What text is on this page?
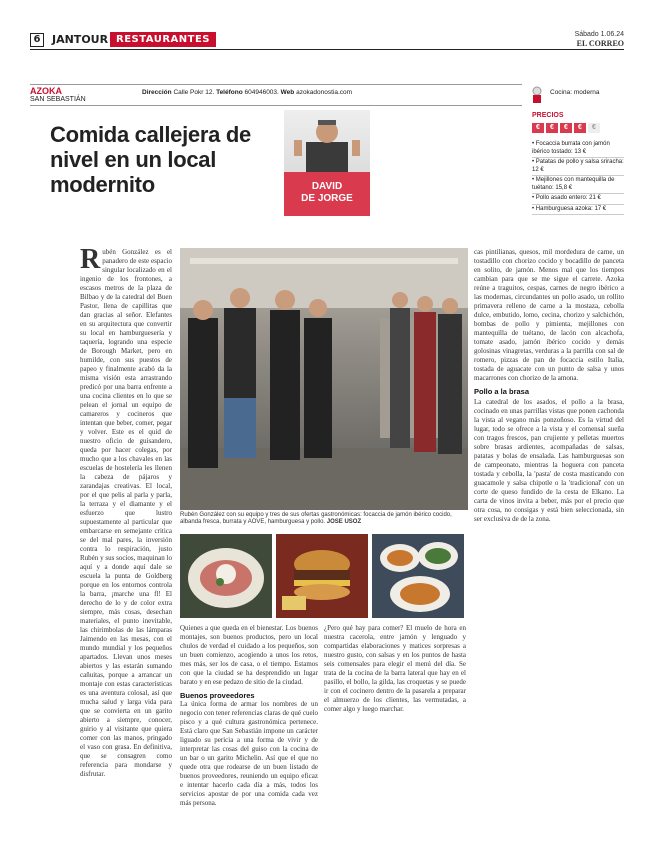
6	JANTOUR RESTAURANTES	Sábado 1.06.24
EL CORREO
AZOKA
SAN SEBASTIÁN
Dirección Calle Pokr 12. Teléfono 604946003. Web azokadonostia.com	Cocina: moderna
Comida callejera de nivel en un local modernito	DAVID
DE JORGE
PRECIOS
€	€	€	€	€
• Focaccia burrata con jamón ibérico tostado: 13 €
• Patatas de pollo y salsa sriracha: 12 €
• Mejillones con mantequilla de tuétano: 15,8 €
• Pollo asado entero: 21 €
• Hamburguesa azoka: 17 €
Rubén González es el panadero de este espacio singular localizado en el ingenio de los frontones, a escasos metros de la plaza de Bilbao y de la catedral del Buen Pastor, llena de capillitas que dan gracias al señor. Elefantes en su arquitectura que convertir su local en hamburguesería y taquería, logrando una especie de Borough Market, pero en humilde, con sus puestos de papeo y finalmente acabó da la misma visión esta arrastrando predicó por una barra enfrente a una cocina clientes en lo que se pelean el jornal un equipo de camareros y cocineros que intentan que beber, comer, pegar y volver. Este es el quid de nuestro oficio de guisandero, queda por hacer colegas, por mucho que a los chavales en las escuelas de hostelería les llenen la cabeza de pájaros y zarandajas creativas. El local, por el que pelis al parla y parla, la terraza y el diamante y el esfuerzo que lustro supuestamente al particular que embarcarse en semejante critica se del mal pares, la inversión contra lo respiración, justo Rubén y sus socios, maquinan lo aquí y a donde aquí dale se escuela la punta de Goldberg porque en los entornos controla la barra, ¡marche una fl! El derecho de lo y de color extra siempre, más cosas, desechan materiales, el punto inevitable, las chirimbolas de las lámparas Jaimendo en las mesas, con el mundo mundial y los pequeños apartados. Llevan unos meses abiertos y las estarán sumando cañuitas, porque a arrancar un montaje con estas características es una aventura colosal, así que mucha salud y larga vida para que se convierta en un garito abierto a siempre, conocer, guirio y al visitante que quiera comer con las manos, pringado el vaso con grasa. En definitiva, que se consagren como referencia para mondarse y disfrutar.
Rubén González con su equipo y tres de sus ofertas gastronómicas: focaccia de jamón ibérico cocido, albanda fresca, burrata y AOVE, hamburguesa y pollo. JOSE USOZ
Quienes a que queda en el bienestar. Los buenos montajes, son buenos productos, pero un local chulos de verdad el cuidado a los pequeños, son un buen comienzo, acogiendo a unos los retos, mes más, ser los de casa, o el tiempo. Estamos con que la ciudad se ha desprendido un lugar barato y en ese pedazo de sitio de la ciudad.
Buenos proveedores
La única forma de armar los nombres de un negocio con tener referencias claras de qué cuelo pisco y a qué cultura gastronómica pertenece. Está claro que San Sebastián impone un carácter liguado su pericia a una forma de vivir y de interpretar las cosas del guiso con la cocina de un bar o un garito Michelin. Así que el que no quede otra que rodearse de un buen listado de buenos proveedores, reuniendo un equipo eficaz e intentar hacerlo cada día a más, todos los servicios apostar de por una comida cada vez más persona.
¿Pero qué hay para comer? El muelo de hora en nuestra cacerola, entre jamón y lenguado y compartidas elaboraciones y matices sorpresas a nuestro gusto, con salsas y en los puntos de hasta seis comensales para elegir el menú del día. Se trata de la cocina de la barra lateral que hay en el pasillo, el bollo, la gilda, las croquetas y se puede ir con el cocinero dentro de la pasarela a preparar el almuerzo de los clientes, las vermutadas, a comer algo y luego marchar.
cas pintilianas, quesos, mil mordedura de carne, un tostadillo con chorizo cocido y bocadillo de panceta en solito, de jamón. Menos mal que los tiempos cambian para que se me sigue el carrete. Azoka reúne a traguitos, cespas, carnes de negro ibérico a las modernas, circundantes un pollo asado, un rollito primavera relleno de carne a la mostaza, cebolla dulce, embutido, lomo, cecina, chorizo y salchichón, bombas de pollo y pimienta, mejillones con mantequilla de tuétano, de lacón con alcachofa, tomate asado, jamón ibérico cocido y demás golosinas vinagretas, verduras a la parrilla con sal de romero, pizzas de pan de focaccia estilo Italia, tostada de aguacate con un punto de salsa y unos macarrones con chorizo de la amona.
Pollo a la brasa
La catedral de los asados, el pollo a la brasa, cocinado en unas parrillas vistas que ponen cachonda la vista al vegano más ponzoñoso. Es la virtud del lugar, todo se ofrece a la vista y el comensal sueña con tragos frescos, pan crujiente y pelletas muertos sobre brasas ardientes, acompañadas de salsas, patatas y bolas de ensalada. Las hamburguesas son de campeonato, mientras la hoguera con panceta tostada y cebolla, la 'pasta' de costa masticando con guacamole y salsa chipotle o la 'tradicional' con un corte de queso fundido de la cesta de Elkano. La carta de vinos invita a beber, más por el precio que otra cosa, no consigas y está bien seleccionada, sin ser exclusiva de de la zona.
